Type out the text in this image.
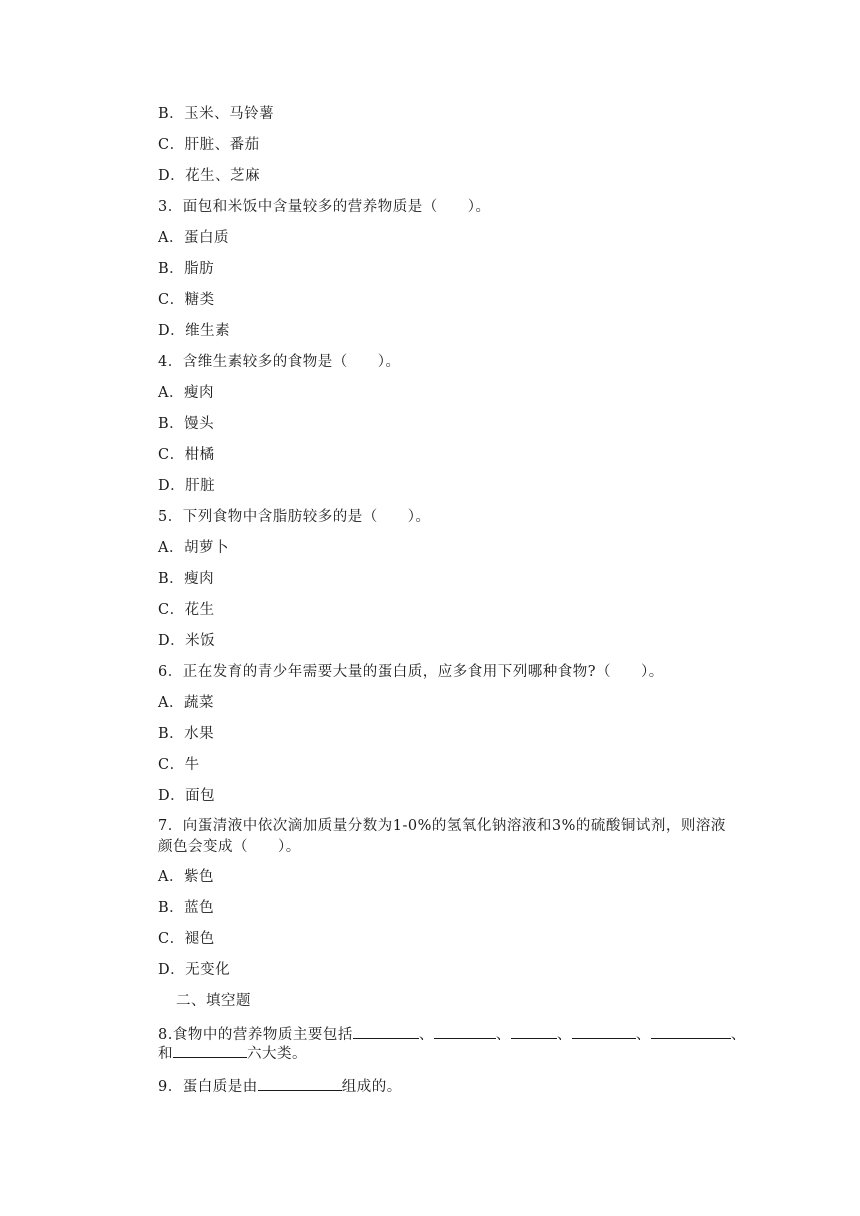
B．玉米、马铃薯
C．肝脏、番茄
D．花生、芝麻
3．面包和米饭中含量较多的营养物质是（　　）。
A．蛋白质
B．脂肪
C．糖类
D．维生素
4．含维生素较多的食物是（　　）。
A．瘦肉
B．馒头
C．柑橘
D．肝脏
5．下列食物中含脂肪较多的是（　　）。
A．胡萝卜
B．瘦肉
C．花生
D．米饭
6．正在发育的青少年需要大量的蛋白质，应多食用下列哪种食物?（　　）。
A．蔬菜
B．水果
C．牛
D．面包
7．向蛋清液中依次滴加质量分数为1-0%的氢氧化钠溶液和3%的硫酸铜试剂，则溶液颜色会变成（　　）。
A．紫色
B．蓝色
C．褪色
D．无变化
二、填空题
8.食物中的营养物质主要包括	、	、	、	、	、
和	六大类。
9．蛋白质是由	组成的。
